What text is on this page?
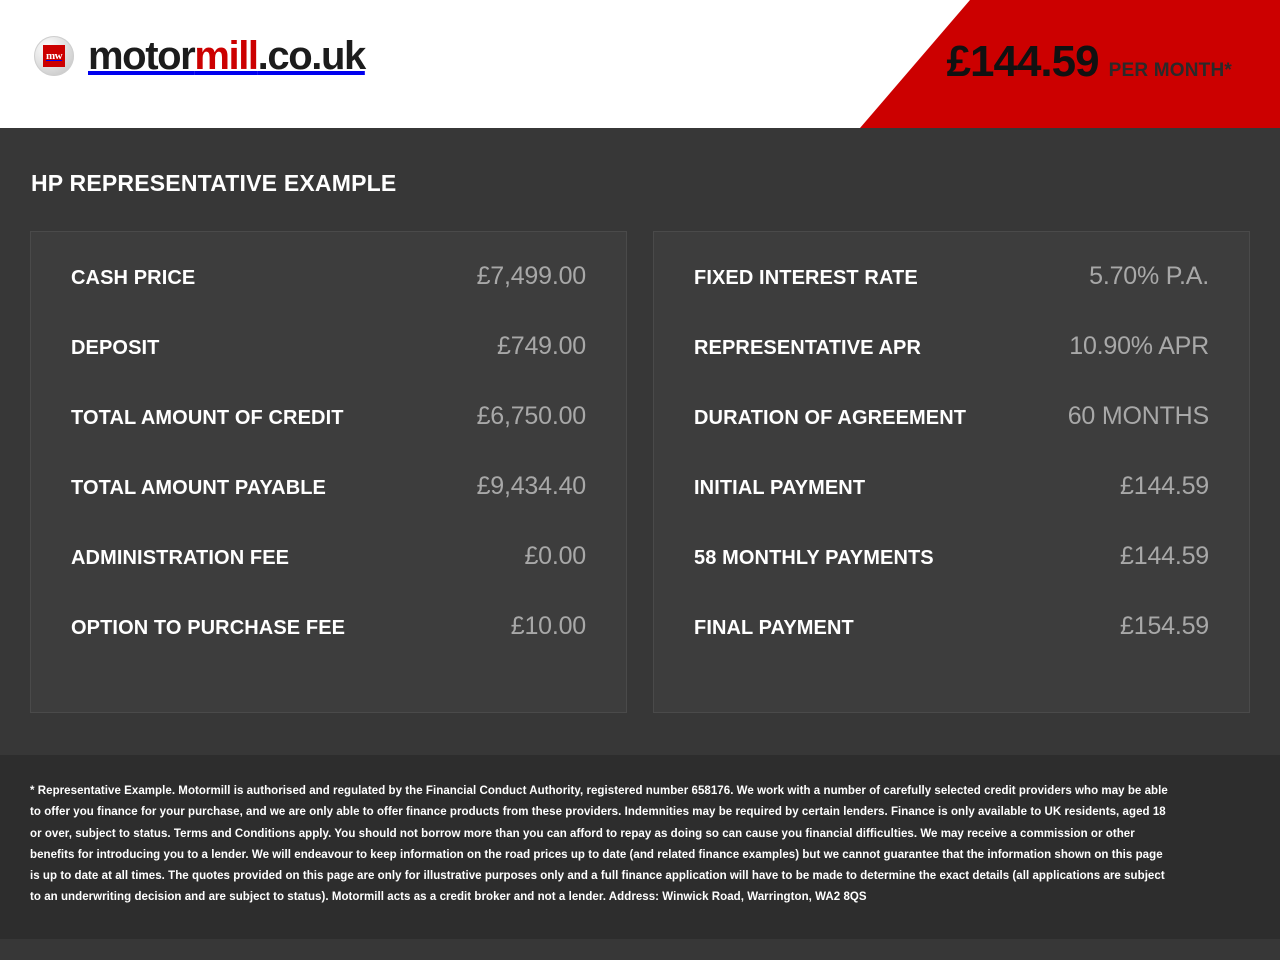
mw motormill.co.uk	£144.59 PER MONTH*
HP REPRESENTATIVE EXAMPLE
CASH PRICE	£7,499.00
DEPOSIT	£749.00
TOTAL AMOUNT OF CREDIT	£6,750.00
TOTAL AMOUNT PAYABLE	£9,434.40
ADMINISTRATION FEE	£0.00
OPTION TO PURCHASE FEE	£10.00
FIXED INTEREST RATE	5.70% P.A.
REPRESENTATIVE APR	10.90% APR
DURATION OF AGREEMENT	60 MONTHS
INITIAL PAYMENT	£144.59
58 MONTHLY PAYMENTS	£144.59
FINAL PAYMENT	£154.59

* Representative Example. Motormill is authorised and regulated by the Financial Conduct Authority, registered number 658176. We work with a number of carefully selected credit providers who may be able to offer you finance for your purchase, and we are only able to offer finance products from these providers. Indemnities may be required by certain lenders. Finance is only available to UK residents, aged 18 or over, subject to status. Terms and Conditions apply. You should not borrow more than you can afford to repay as doing so can cause you financial difficulties. We may receive a commission or other benefits for introducing you to a lender. We will endeavour to keep information on the road prices up to date (and related finance examples) but we cannot guarantee that the information shown on this page is up to date at all times. The quotes provided on this page are only for illustrative purposes only and a full finance application will have to be made to determine the exact details (all applications are subject to an underwriting decision and are subject to status). Motormill acts as a credit broker and not a lender. Address: Winwick Road, Warrington, WA2 8QS
